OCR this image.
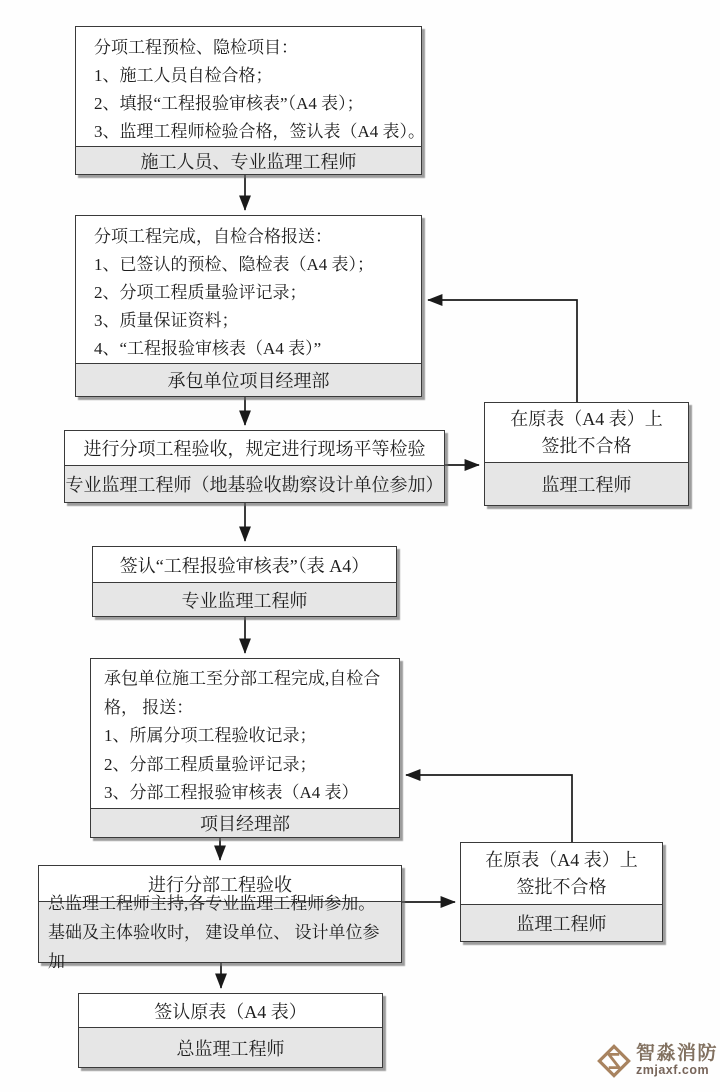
分项工程预检、隐检项目：
1、施工人员自检合格；
2、填报“工程报验审核表”（A4 表）；
3、监理工程师检验合格，签认表（A4 表）。
施工人员、专业监理工程师
分项工程完成，自检合格报送：
1、已签认的预检、隐检表（A4 表）；
2、分项工程质量验评记录；
3、质量保证资料；
4、“工程报验审核表（A4 表）”
承包单位项目经理部
进行分项工程验收，规定进行现场平等检验
专业监理工程师（地基验收勘察设计单位参加）
在原表（A4 表）上
签批不合格
监理工程师
签认“工程报验审核表”（表 A4）
专业监理工程师
承包单位施工至分部工程完成,自检合格， 报送：
1、所属分项工程验收记录；
2、分部工程质量验评记录；
3、分部工程报验审核表（A4 表）
项目经理部
进行分部工程验收
总监理工程师主持,各专业监理工程师参加。基础及主体验收时， 建设单位、 设计单位参加
在原表（A4 表）上
签批不合格
监理工程师
签认原表（A4 表）
总监理工程师	智淼消防
zmjaxf.com
